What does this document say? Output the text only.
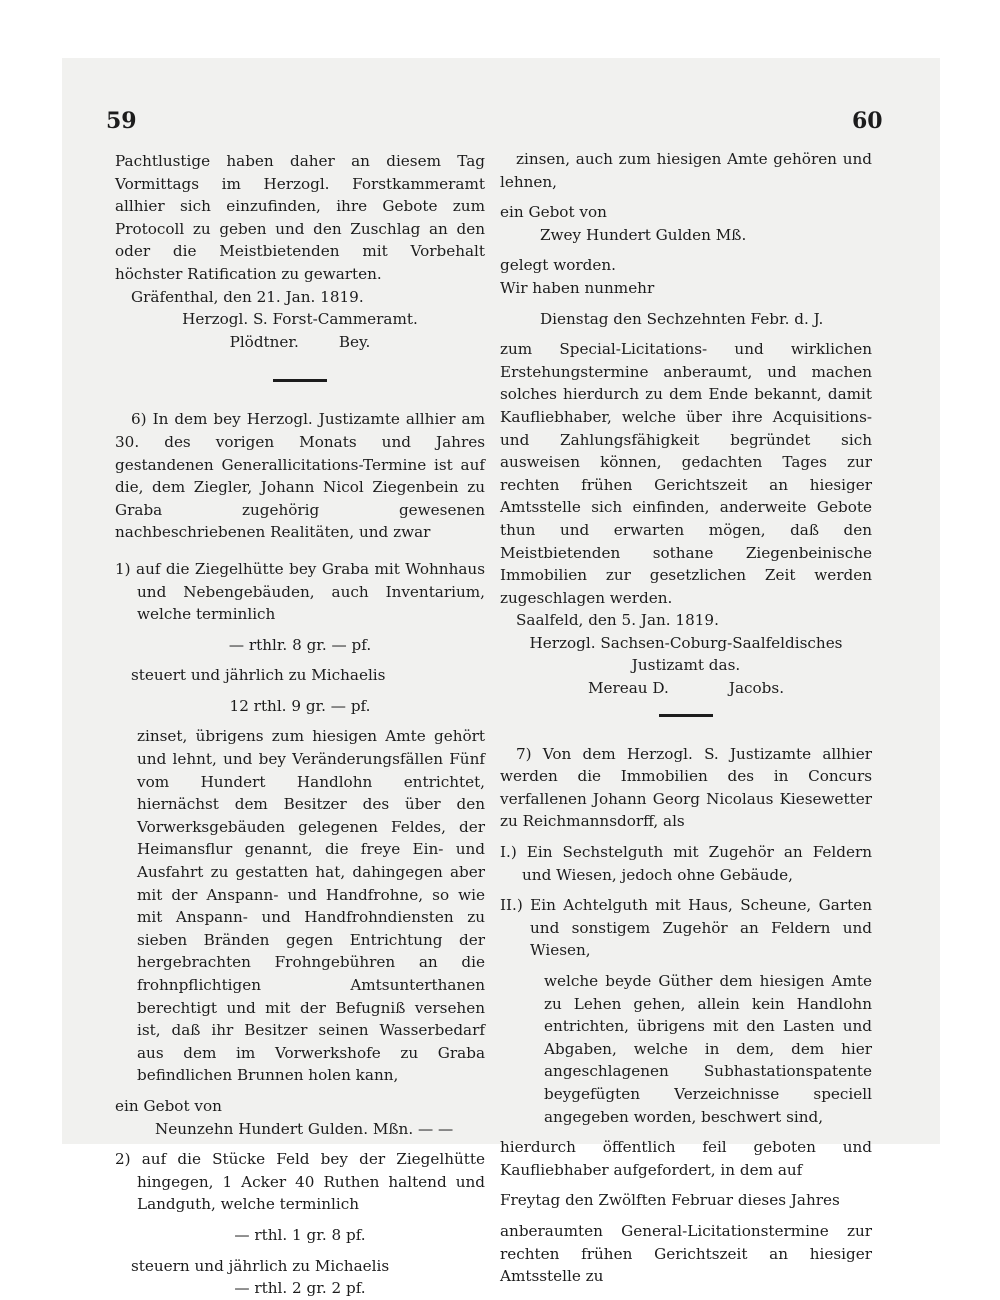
59	60

Pachtlustige haben daher an diesem Tag Vormittags im Herzogl. Forstkammeramt allhier sich einzufinden, ihre Gebote zum Protocoll zu geben und den Zuschlag an den oder die Meistbietenden mit Vorbehalt höchster Ratification zu gewarten.

Gräfenthal, den 21. Jan. 1819.

Herzogl. S. Forst-Cammeramt.

Plödtner.	Bey.

6) In dem bey Herzogl. Justizamte allhier am 30. des vorigen Monats und Jahres gestandenen Generallicitations-Termine ist auf die, dem Ziegler, Johann Nicol Ziegenbein zu Graba zugehörig gewesenen nachbeschriebenen Realitäten, und zwar

1) auf die Ziegelhütte bey Graba mit Wohnhaus und Nebengebäuden, auch Inventarium, welche terminlich

— rthlr. 8 gr. — pf.

steuert und jährlich zu Michaelis

12 rthl. 9 gr. — pf.

zinset, übrigens zum hiesigen Amte gehört und lehnt, und bey Veränderungsfällen Fünf vom Hundert Handlohn entrichtet, hiernächst dem Besitzer des über den Vorwerksgebäuden gelegenen Feldes, der Heimansflur genannt, die freye Ein- und Ausfahrt zu gestatten hat, dahingegen aber mit der Anspann- und Handfrohne, so wie mit Anspann- und Handfrohndiensten zu sieben Bränden gegen Entrichtung der hergebrachten Frohngebühren an die frohnpflichtigen Amtsunterthanen berechtigt und mit der Befugniß versehen ist, daß ihr Besitzer seinen Wasserbedarf aus dem im Vorwerkshofe zu Graba befindlichen Brunnen holen kann,

ein Gebot von

Neunzehn Hundert Gulden. Mßn. — —

2) auf die Stücke Feld bey der Ziegelhütte hingegen, 1 Acker 40 Ruthen haltend und Landguth, welche terminlich

— rthl. 1 gr. 8 pf.

steuern und jährlich zu Michaelis

— rthl. 2 gr. 2 pf.

zinsen, auch zum hiesigen Amte gehören und lehnen,

ein Gebot von

Zwey Hundert Gulden Mß.

gelegt worden.

Wir haben nunmehr

Dienstag den Sechzehnten Febr. d. J.

zum Special-Licitations- und wirklichen Erstehungstermine anberaumt, und machen solches hierdurch zu dem Ende bekannt, damit Kaufliebhaber, welche über ihre Acquisitions- und Zahlungsfähigkeit begründet sich ausweisen können, gedachten Tages zur rechten frühen Gerichtszeit an hiesiger Amtsstelle sich einfinden, anderweite Gebote thun und erwarten mögen, daß den Meistbietenden sothane Ziegenbeinische Immobilien zur gesetzlichen Zeit werden zugeschlagen werden.

Saalfeld, den 5. Jan. 1819.

Herzogl. Sachsen-Coburg-Saalfeldisches

Justizamt das.

Mereau D.	Jacobs.

7) Von dem Herzogl. S. Justizamte allhier werden die Immobilien des in Concurs verfallenen Johann Georg Nicolaus Kiesewetter zu Reichmannsdorff, als

I.) Ein Sechstelguth mit Zugehör an Feldern und Wiesen, jedoch ohne Gebäude,

II.) Ein Achtelguth mit Haus, Scheune, Garten und sonstigem Zugehör an Feldern und Wiesen,

welche beyde Güther dem hiesigen Amte zu Lehen gehen, allein kein Handlohn entrichten, übrigens mit den Lasten und Abgaben, welche in dem, dem hier angeschlagenen Subhastationspatente beygefügten Verzeichnisse speciell angegeben worden, beschwert sind,

hierdurch öffentlich feil geboten und Kaufliebhaber aufgefordert, in dem auf

Freytag den Zwölften Februar dieses Jahres

anberaumten General-Licitationstermine zur rechten frühen Gerichtszeit an hiesiger Amtsstelle zu
